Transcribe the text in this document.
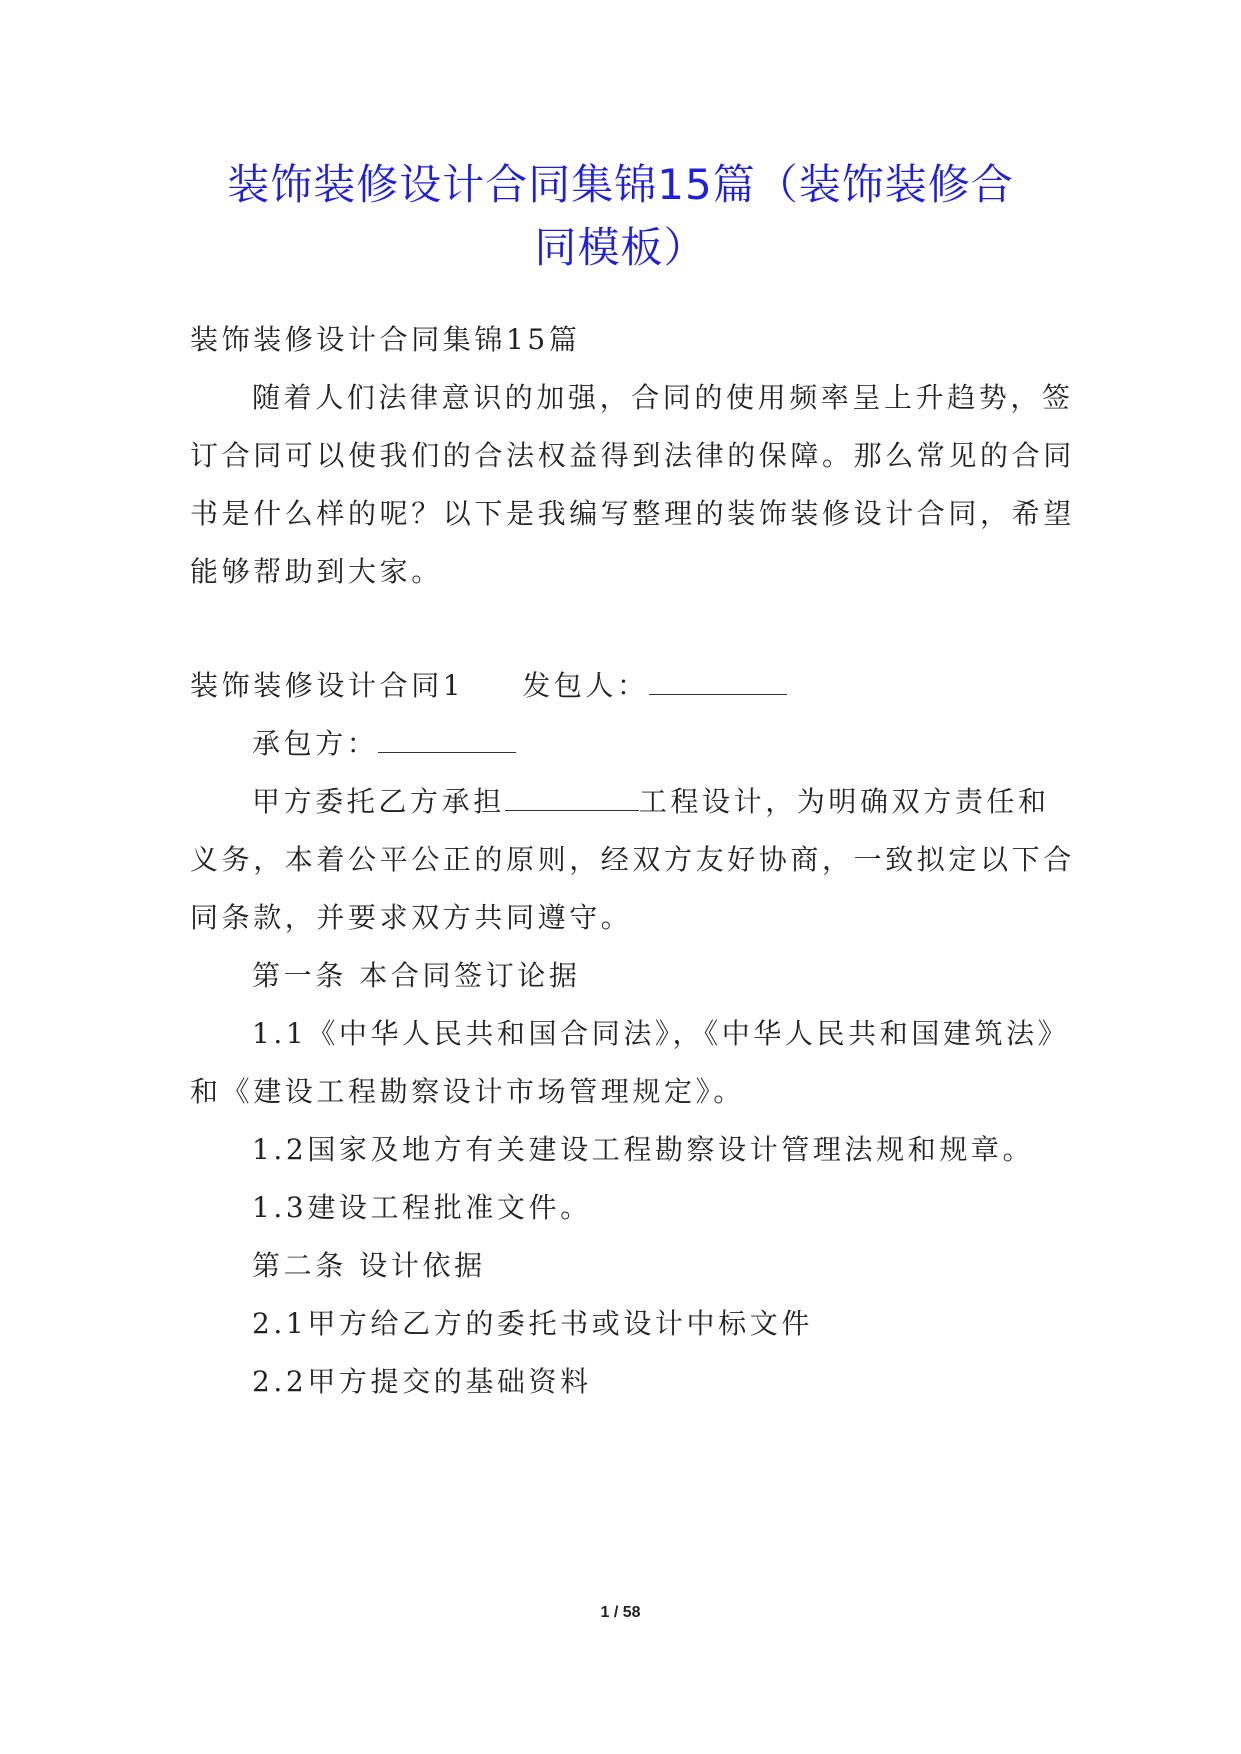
装饰装修设计合同集锦15篇（装饰装修合
同模板）
装饰装修设计合同集锦15篇
随着人们法律意识的加强，合同的使用频率呈上升趋势，签
订合同可以使我们的合法权益得到法律的保障。那么常见的合同
书是什么样的呢？以下是我编写整理的装饰装修设计合同，希望
能够帮助到大家。
装饰装修设计合同1 发包人：
承包方：
甲方委托乙方承担	工程设计，为明确双方责任和
义务，本着公平公正的原则，经双方友好协商，一致拟定以下合
同条款，并要求双方共同遵守。
第一条 本合同签订论据
1.1《中华人民共和国合同法》，《中华人民共和国建筑法》
和《建设工程勘察设计市场管理规定》。
1.2国家及地方有关建设工程勘察设计管理法规和规章。
1.3建设工程批准文件。
第二条 设计依据
2.1甲方给乙方的委托书或设计中标文件
2.2甲方提交的基础资料
1 / 58
